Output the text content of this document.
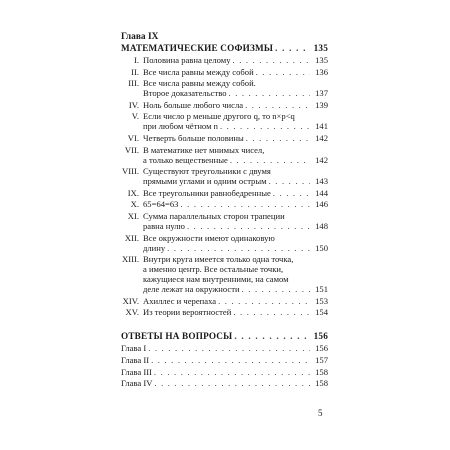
Глава IX
МАТЕМАТИЧЕСКИЕ СОФИЗМЫ . . .	135
I. Половина равна целому . . .	135
II. Все числа равны между собой . . .	136
III. Все числа равны между собой.
Второе доказательство . . .	137
IV. Ноль больше любого числа . . .	139
V. Если число p меньше другого q, то n×p<q
при любом чётном n . . .	141
VI. Четверть больше половины . . .	142
VII. В математике нет мнимых чисел,
а только вещественные . . .	142
VIII. Существуют треугольники с двумя
прямыми углами и одним острым . . .	143
IX. Все треугольники равнобедренные . . .	144
X. 65=64=63 . . .	146
XI. Сумма параллельных сторон трапеции
равна нулю . . .	148
XII. Все окружности имеют одинаковую
длину . . .	150
XIII. Внутри круга имеется только одна точка,
а именно центр. Все остальные точки,
кажущиеся нам внутренними, на самом
деле лежат на окружности . . .	151
XIV. Ахиллес и черепаха . . .	153
XV. Из теории вероятностей . . .	154
ОТВЕТЫ НА ВОПРОСЫ . . .	156
Глава I . . .	156
Глава II . . .	157
Глава III . . .	158
Глава IV . . .	158
5
